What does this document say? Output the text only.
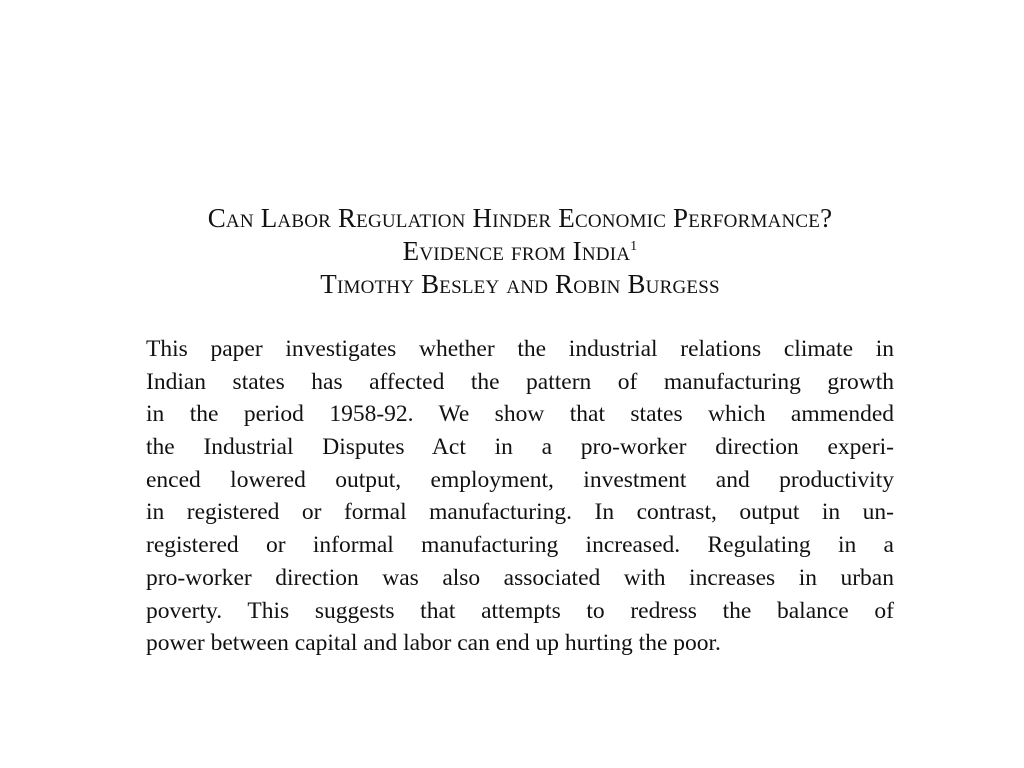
Can Labor Regulation Hinder Economic Performance?
Evidence from India$^1$
Timothy Besley and Robin Burgess
This paper investigates whether the industrial relations climate in
Indian states has affected the pattern of manufacturing growth
in the period 1958-92. We show that states which ammended
the Industrial Disputes Act in a pro-worker direction experi-
enced lowered output, employment, investment and productivity
in registered or formal manufacturing. In contrast, output in un-
registered or informal manufacturing increased. Regulating in a
pro-worker direction was also associated with increases in urban
poverty. This suggests that attempts to redress the balance of
power between capital and labor can end up hurting the poor.
